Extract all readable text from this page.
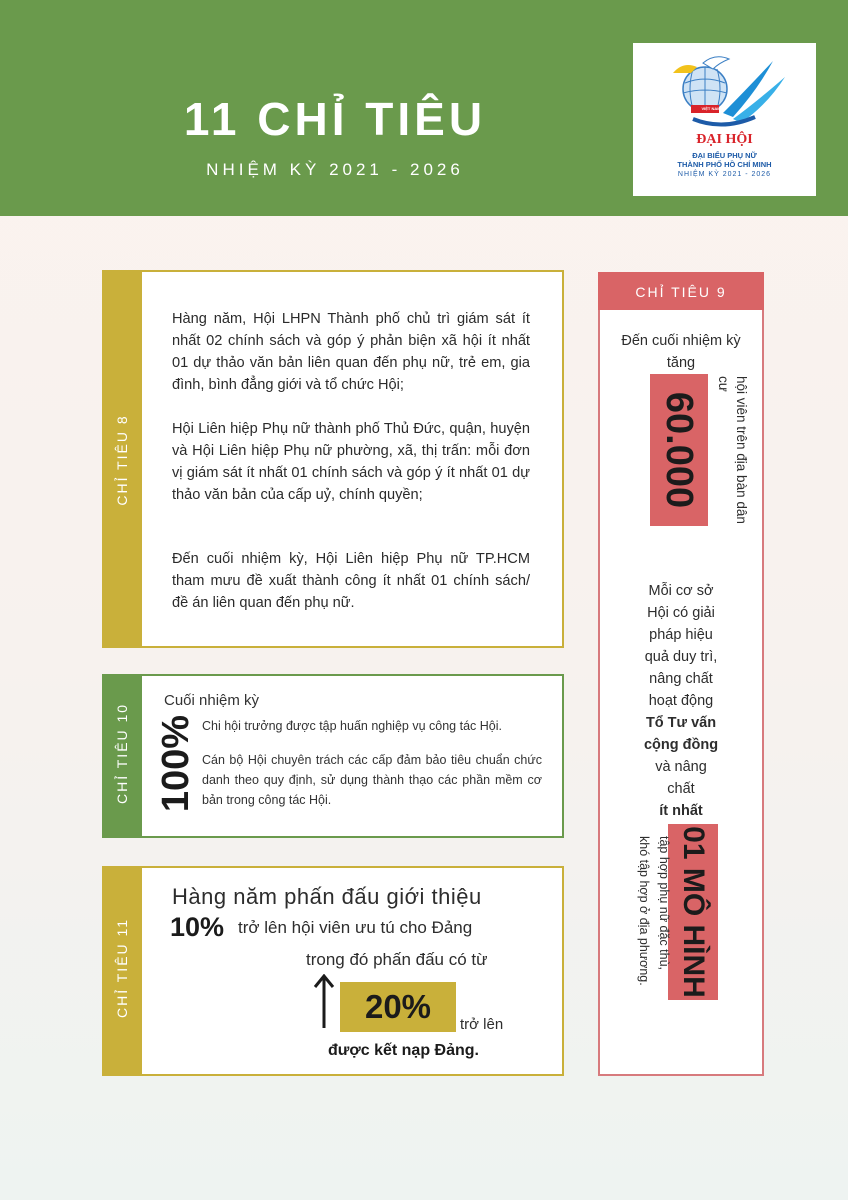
11 CHỈ TIÊU
NHIỆM KỲ 2021 - 2026
VIỆT NAM
ĐẠI HỘI
ĐẠI BIỂU PHỤ NỮ
THÀNH PHỐ HỒ CHÍ MINH
NHIỆM KỲ 2021 - 2026
CHỈ TIÊU 8
Hàng năm, Hội LHPN Thành phố chủ trì giám sát ít nhất 02 chính sách và góp ý phản biện xã hội ít nhất 01 dự thảo văn bản liên quan đến phụ nữ, trẻ em, gia đình, bình đẳng giới và tổ chức Hội;
Hội Liên hiệp Phụ nữ thành phố Thủ Đức, quận, huyện và Hội Liên hiệp Phụ nữ phường, xã, thị trấn: mỗi đơn vị giám sát ít nhất 01 chính sách và góp ý ít nhất 01 dự thảo văn bản của cấp uỷ, chính quyền;
Đến cuối nhiệm kỳ, Hội Liên hiệp Phụ nữ TP.HCM tham mưu đề xuất thành công ít nhất 01 chính sách/ đề án liên quan đến phụ nữ.
CHỈ TIÊU 10
Cuối nhiệm kỳ
100% Chi hội trưởng được tập huấn nghiệp vụ công tác Hội.
Cán bộ Hội chuyên trách các cấp đảm bảo tiêu chuẩn chức danh theo quy định, sử dụng thành thạo các phần mềm cơ bản trong công tác Hội.
CHỈ TIÊU 11
Hàng năm phấn đấu giới thiệu
10% trở lên hội viên ưu tú cho Đảng
trong đó phấn đấu có từ
20%	trở lên
được kết nạp Đảng.
CHỈ TIÊU 9
Đến cuối nhiệm kỳ
tăng
60.000	hội viên trên địa bàn dân cư
Mỗi cơ sở
Hội có giải
pháp hiệu
quả duy trì,
nâng chất
hoạt động
Tổ Tư vấn
cộng đồng
và nâng
chất
ít nhất
01 MÔ HÌNH
tập hợp phụ nữ đặc thù,
khó tập hợp ở địa phương.
